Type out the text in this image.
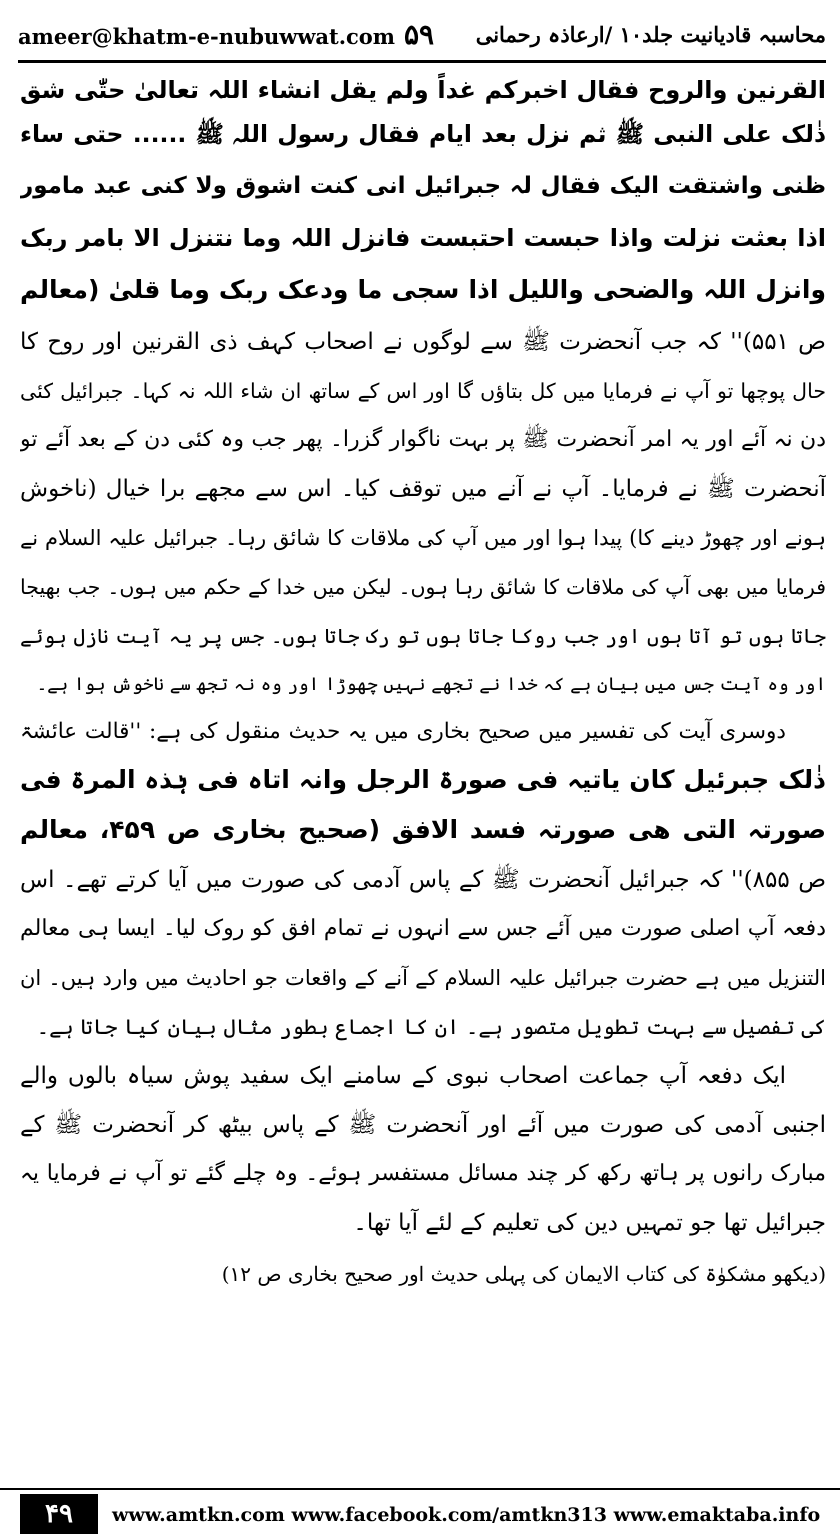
ameer@khatm-e-nubuwwat.com ۵۹ محاسبہ قادیانیت جلد۱۰ /ارعاذہ رحمانی
القرنین والروح فقال اخبرکم غداً ولم یقل انشاء اللہ تعالیٰ حتّٰی شق
ذٰلک علی النبی ﷺ ثم نزل بعد ایام فقال رسول اللہ ﷺ ...... حتی ساء
ظنی واشتقت الیک فقال لہ جبرائیل انی کنت اشوق ولا کنی عبد مامور
اذا بعثت نزلت واذا حبست احتبست فانزل اللہ وما نتنزل الا بامر ربک
وانزل اللہ والضحی واللیل اذا سجی ما ودعک ربک وما قلیٰ (معالم
ص ۵۵۱)'' کہ جب آنحضرت ﷺ سے لوگوں نے اصحاب کہف ذی القرنین اور روح کا
حال پوچھا تو آپ نے فرمایا میں کل بتاؤں گا اور اس کے ساتھ ان شاء اللہ نہ کہا۔ جبرائیل کئی
دن نہ آئے اور یہ امر آنحضرت ﷺ پر بہت ناگوار گزرا۔ پھر جب وہ کئی دن کے بعد آئے تو
آنحضرت ﷺ نے فرمایا۔ آپ نے آنے میں توقف کیا۔ اس سے مجھے برا خیال (ناخوش
ہونے اور چھوڑ دینے کا) پیدا ہوا اور میں آپ کی ملاقات کا شائق رہا۔ جبرائیل علیہ السلام نے
فرمایا میں بھی آپ کی ملاقات کا شائق رہا ہوں۔ لیکن میں خدا کے حکم میں ہوں۔ جب بھیجا
جاتا ہوں تو آتا ہوں اور جب روکا جاتا ہوں تو رک جاتا ہوں۔ جس پر یہ آیت نازل ہوئے
اور وہ آیت جس میں بیان ہے کہ خدا نے تجھے نہیں چھوڑا اور وہ نہ تجھ سے ناخوش ہوا ہے۔
دوسری آیت کی تفسیر میں صحیح بخاری میں یہ حدیث منقول کی ہے: ''قالت عائشۃ
ذٰلک جبرئیل کان یاتیہ فی صورۃ الرجل وانہ اتاہ فی ہٰذہ المرۃ فی
صورتہ التی ھی صورتہ فسد الافق (صحیح بخاری ص ۴۵۹، معالم
ص ۸۵۵)'' کہ جبرائیل آنحضرت ﷺ کے پاس آدمی کی صورت میں آیا کرتے تھے۔ اس
دفعہ آپ اصلی صورت میں آئے جس سے انہوں نے تمام افق کو روک لیا۔ ایسا ہی معالم
التنزیل میں ہے حضرت جبرائیل علیہ السلام کے آنے کے واقعات جو احادیث میں وارد ہیں۔ ان
کی تفصیل سے بہت تطویل متصور ہے۔ ان کا اجماع بطور مثال بیان کیا جاتا ہے۔
ایک دفعہ آپ جماعت اصحاب نبوی کے سامنے ایک سفید پوش سیاہ بالوں والے
اجنبی آدمی کی صورت میں آئے اور آنحضرت ﷺ کے پاس بیٹھ کر آنحضرت ﷺ کے
مبارک رانوں پر ہاتھ رکھ کر چند مسائل مستفسر ہوئے۔ وہ چلے گئے تو آپ نے فرمایا یہ
جبرائیل تھا جو تمہیں دین کی تعلیم کے لئے آیا تھا۔
(دیکھو مشکوٰۃ کی کتاب الایمان کی پہلی حدیث اور صحیح بخاری ص ۱۲)
۴۹	www.amtkn.com www.facebook.com/amtkn313 www.emaktaba.info
